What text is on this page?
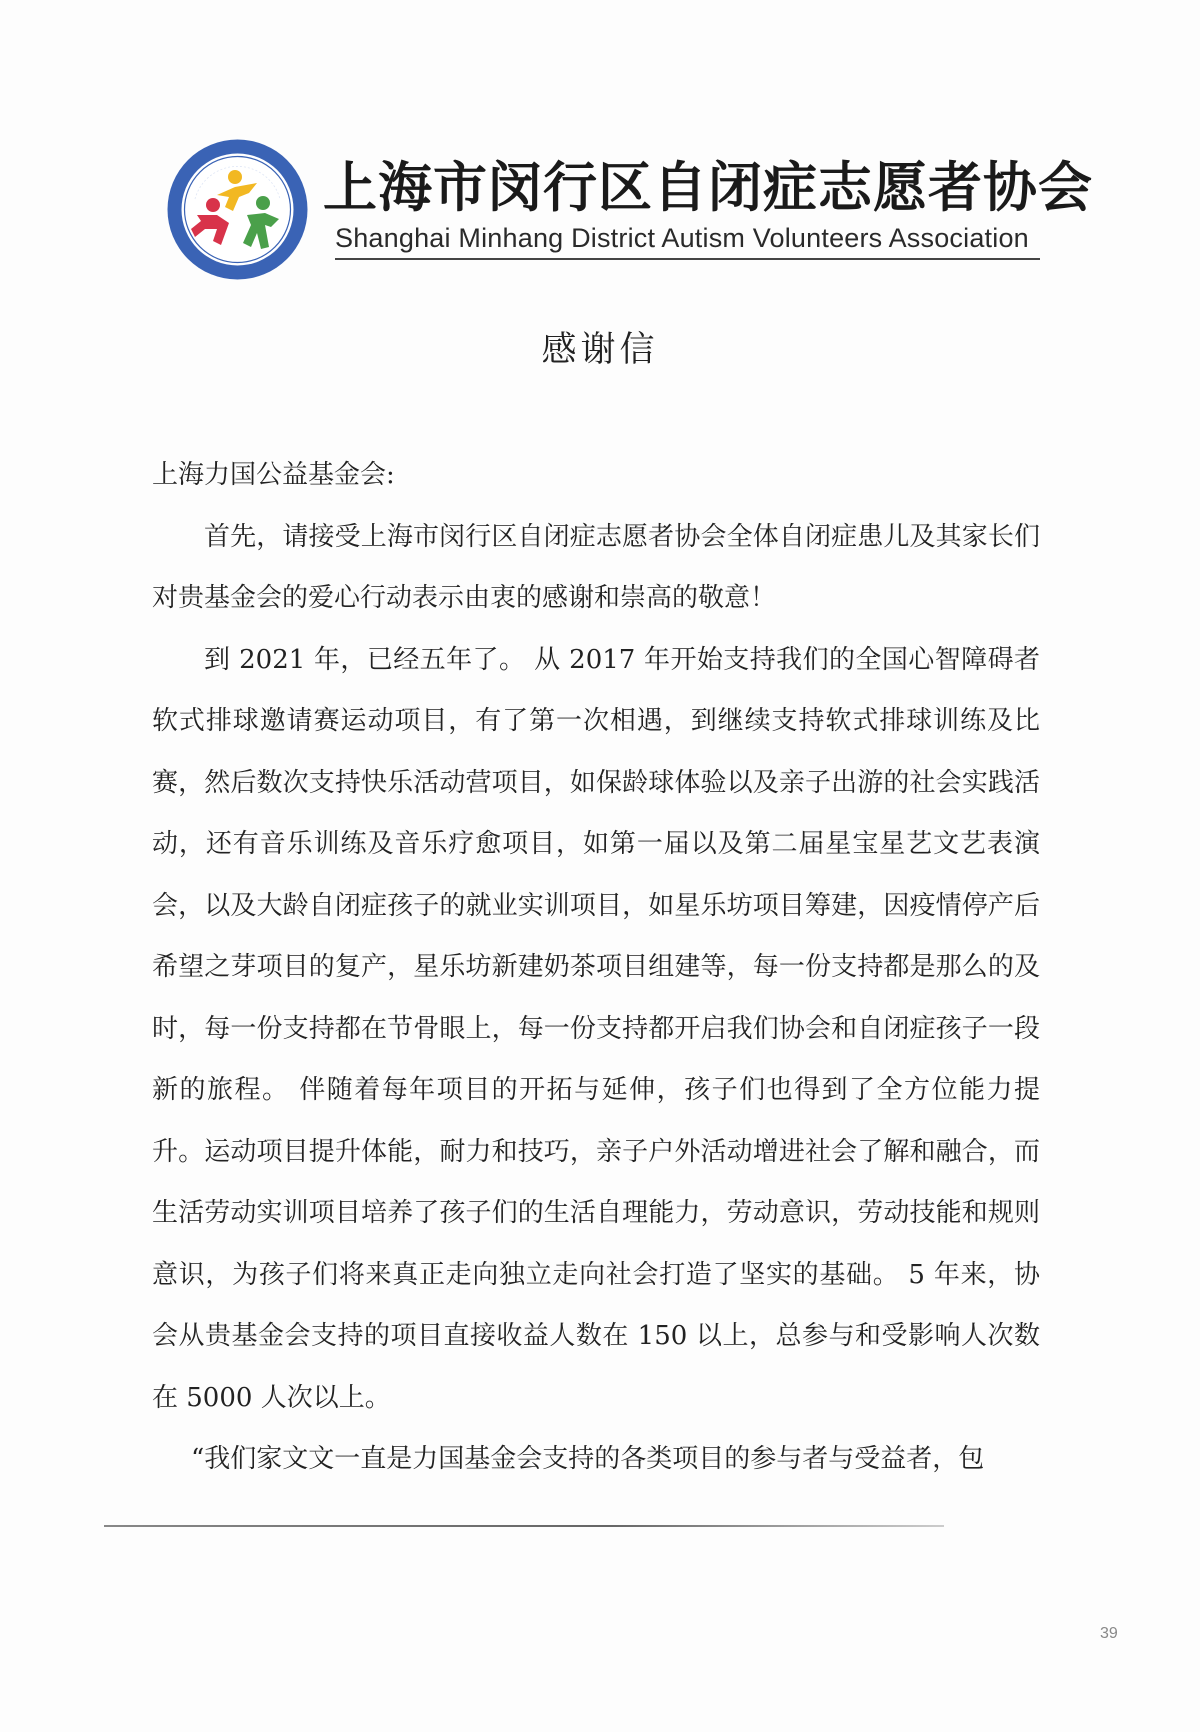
上海市闵行区自闭症志愿者协会
Shanghai Minhang District Autism Volunteers Association
感谢信

上海力国公益基金会:

首先，请接受上海市闵行区自闭症志愿者协会全体自闭症患儿及其家长们对贵基金会的爱心行动表示由衷的感谢和崇高的敬意！

到 2021 年，已经五年了。 从 2017 年开始支持我们的全国心智障碍者软式排球邀请赛运动项目，有了第一次相遇，到继续支持软式排球训练及比赛，然后数次支持快乐活动营项目，如保龄球体验以及亲子出游的社会实践活动，还有音乐训练及音乐疗愈项目，如第一届以及第二届星宝星艺文艺表演会，以及大龄自闭症孩子的就业实训项目，如星乐坊项目筹建，因疫情停产后希望之芽项目的复产，星乐坊新建奶茶项目组建等，每一份支持都是那么的及时，每一份支持都在节骨眼上，每一份支持都开启我们协会和自闭症孩子一段新的旅程。 伴随着每年项目的开拓与延伸，孩子们也得到了全方位能力提升。运动项目提升体能，耐力和技巧，亲子户外活动增进社会了解和融合，而生活劳动实训项目培养了孩子们的生活自理能力，劳动意识，劳动技能和规则意识，为孩子们将来真正走向独立走向社会打造了坚实的基础。 5 年来，协会从贵基金会支持的项目直接收益人数在 150 以上，总参与和受影响人次数在 5000 人次以上。

“我们家文文一直是力国基金会支持的各类项目的参与者与受益者，包

39
